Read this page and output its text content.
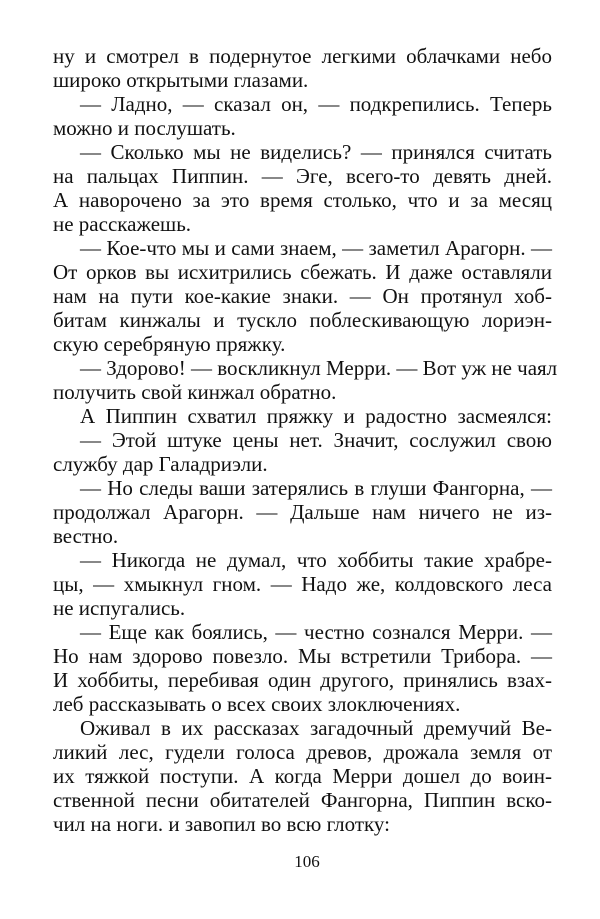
ну и смотрел в подернутое легкими облачками небо
широко открытыми глазами.
— Ладно, — сказал он, — подкрепились. Теперь
можно и послушать.
— Сколько мы не виделись? — принялся считать
на пальцах Пиппин. — Эге, всего-то девять дней.
А наворочено за это время столько, что и за месяц
не расскажешь.
— Кое-что мы и сами знаем, — заметил Арагорн. —
От орков вы исхитрились сбежать. И даже оставляли
нам на пути кое-какие знаки. — Он протянул хоб-
битам кинжалы и тускло поблескивающую лориэн-
скую серебряную пряжку.
— Здорово! — воскликнул Мерри. — Вот уж не чаял
получить свой кинжал обратно.
А Пиппин схватил пряжку и радостно засмеялся:
— Этой штуке цены нет. Значит, сослужил свою
службу дар Галадриэли.
— Но следы ваши затерялись в глуши Фангорна, —
продолжал Арагорн. — Дальше нам ничего не из-
вестно.
— Никогда не думал, что хоббиты такие храбре-
цы, — хмыкнул гном. — Надо же, колдовского леса
не испугались.
— Еще как боялись, — честно сознался Мерри. —
Но нам здорово повезло. Мы встретили Трибора. —
И хоббиты, перебивая один другого, принялись взах-
леб рассказывать о всех своих злоключениях.
Оживал в их рассказах загадочный дремучий Ве-
ликий лес, гудели голоса древов, дрожала земля от
их тяжкой поступи. А когда Мерри дошел до воин-
ственной песни обитателей Фангорна, Пиппин вско-
чил на ноги. и завопил во всю глотку:
106
